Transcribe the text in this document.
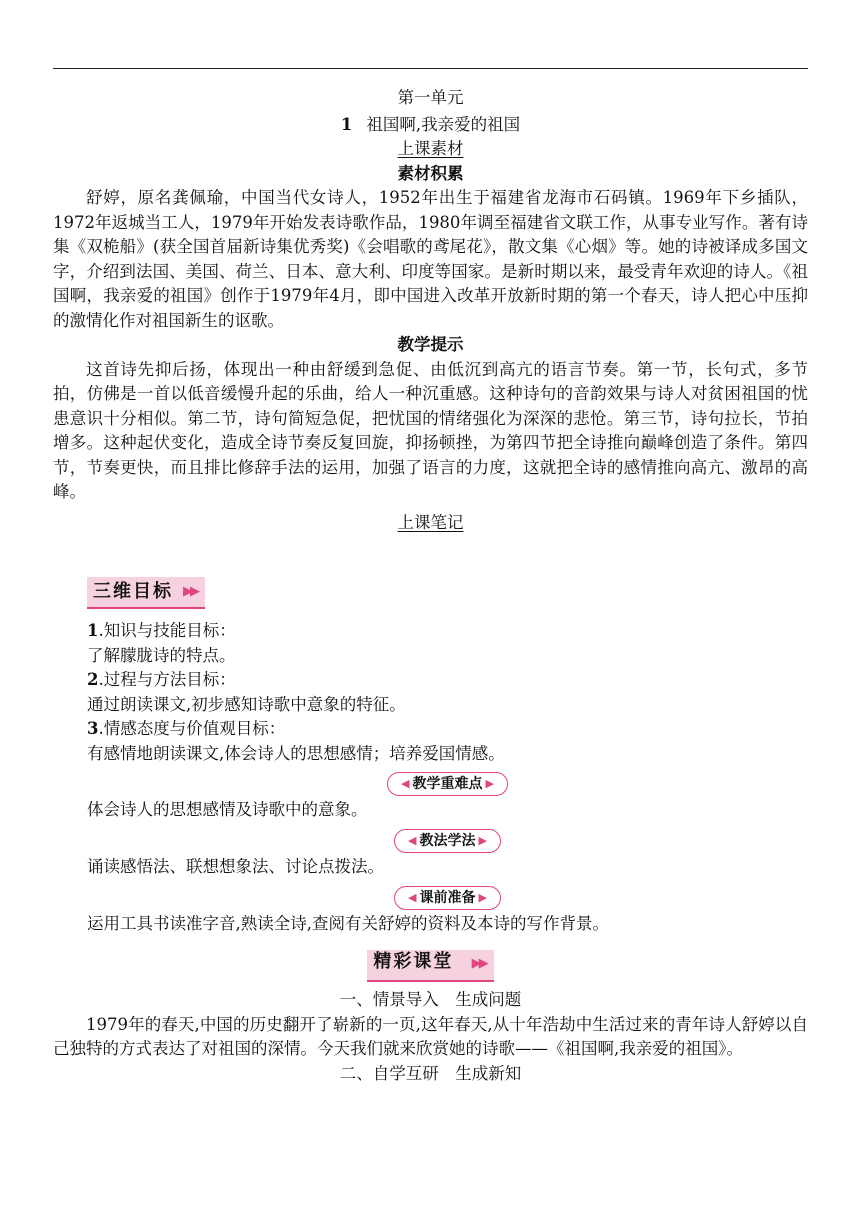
第一单元

1 祖国啊,我亲爱的祖国

上课素材

素材积累

舒婷，原名龚佩瑜，中国当代女诗人，1952年出生于福建省龙海市石码镇。1969年下乡插队，1972年返城当工人，1979年开始发表诗歌作品，1980年调至福建省文联工作，从事专业写作。著有诗集《双桅船》(获全国首届新诗集优秀奖)《会唱歌的鸢尾花》，散文集《心烟》等。她的诗被译成多国文字，介绍到法国、美国、荷兰、日本、意大利、印度等国家。是新时期以来，最受青年欢迎的诗人。《祖国啊，我亲爱的祖国》创作于1979年4月，即中国进入改革开放新时期的第一个春天，诗人把心中压抑的激情化作对祖国新生的讴歌。

教学提示

这首诗先抑后扬，体现出一种由舒缓到急促、由低沉到高亢的语言节奏。第一节，长句式，多节拍，仿佛是一首以低音缓慢升起的乐曲，给人一种沉重感。这种诗句的音韵效果与诗人对贫困祖国的忧患意识十分相似。第二节，诗句简短急促，把忧国的情绪强化为深深的悲怆。第三节，诗句拉长，节拍增多。这种起伏变化，造成全诗节奏反复回旋，抑扬顿挫，为第四节把全诗推向巅峰创造了条件。第四节，节奏更快，而且排比修辞手法的运用，加强了语言的力度，这就把全诗的感情推向高亢、激昂的高峰。

上课笔记

三维目标 ▶▶

1.知识与技能目标：

了解朦胧诗的特点。

2.过程与方法目标：

通过朗读课文,初步感知诗歌中意象的特征。

3.情感态度与价值观目标：

有感情地朗读课文,体会诗人的思想感情；培养爱国情感。

◀ 教学重难点 ▶

体会诗人的思想感情及诗歌中的意象。

◀ 教法学法 ▶

诵读感悟法、联想想象法、讨论点拨法。

◀ 课前准备 ▶

运用工具书读准字音,熟读全诗,查阅有关舒婷的资料及本诗的写作背景。

精彩课堂 ▶▶

一、情景导入　生成问题

1979年的春天,中国的历史翻开了崭新的一页,这年春天,从十年浩劫中生活过来的青年诗人舒婷以自己独特的方式表达了对祖国的深情。今天我们就来欣赏她的诗歌——《祖国啊,我亲爱的祖国》。

二、自学互研　生成新知
